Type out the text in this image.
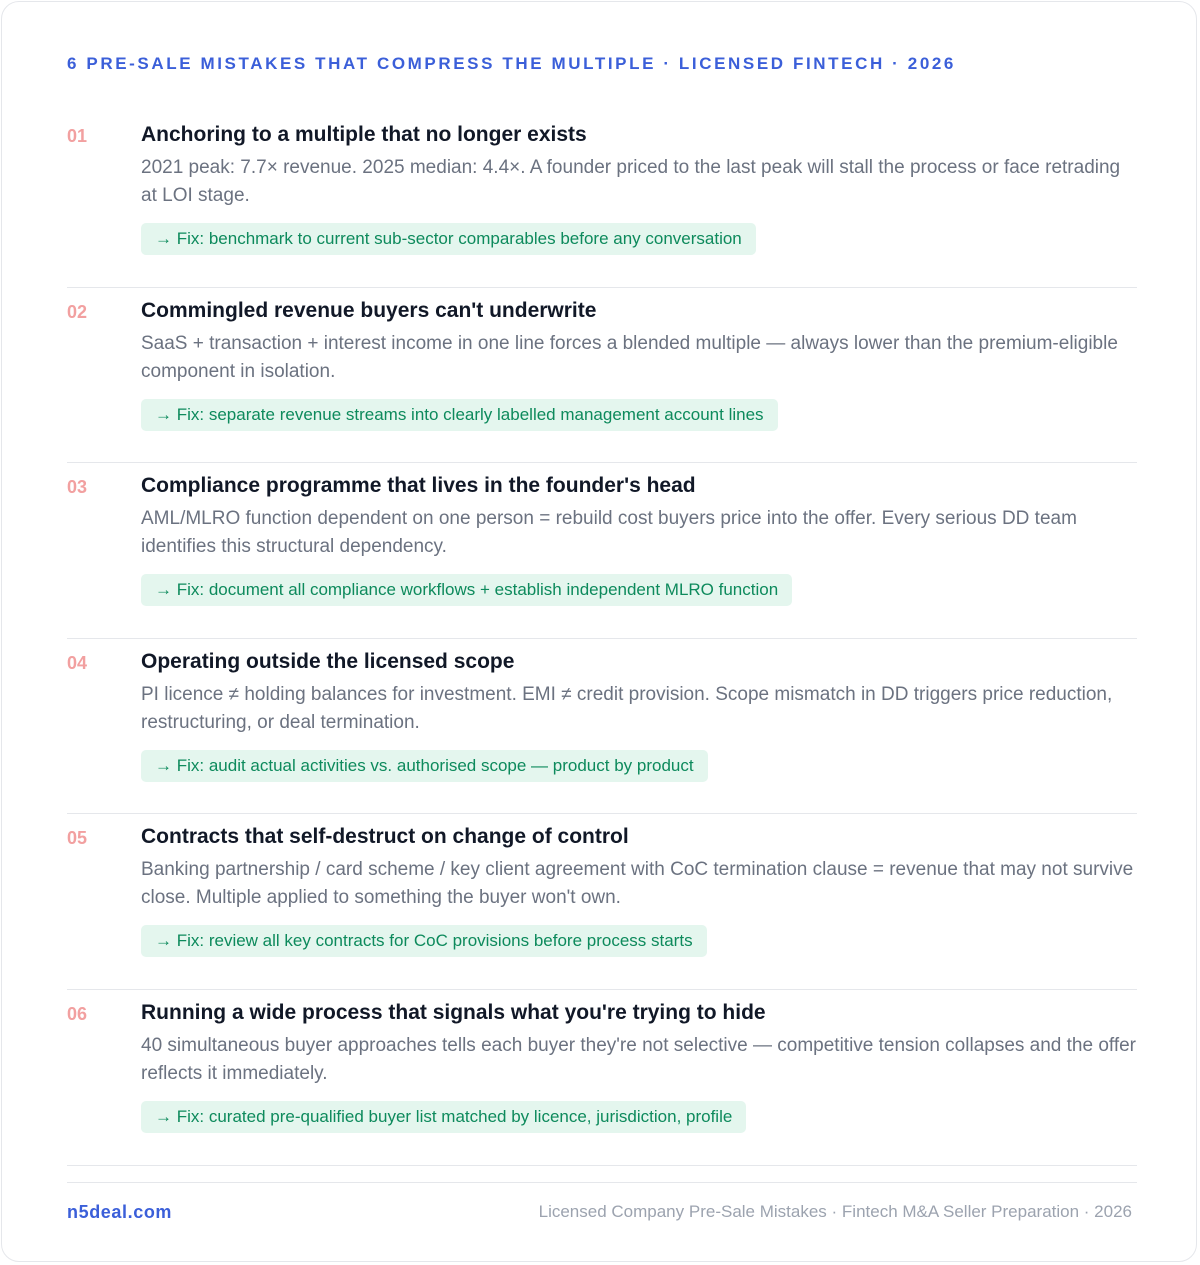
6 PRE-SALE MISTAKES THAT COMPRESS THE MULTIPLE · LICENSED FINTECH · 2026
01	Anchoring to a multiple that no longer exists
2021 peak: 7.7× revenue. 2025 median: 4.4×. A founder priced to the last peak will stall the process or face retrading at LOI stage.
→ Fix: benchmark to current sub-sector comparables before any conversation
02	Commingled revenue buyers can't underwrite
SaaS + transaction + interest income in one line forces a blended multiple — always lower than the premium-eligible component in isolation.
→ Fix: separate revenue streams into clearly labelled management account lines
03	Compliance programme that lives in the founder's head
AML/MLRO function dependent on one person = rebuild cost buyers price into the offer. Every serious DD team identifies this structural dependency.
→ Fix: document all compliance workflows + establish independent MLRO function
04	Operating outside the licensed scope
PI licence ≠ holding balances for investment. EMI ≠ credit provision. Scope mismatch in DD triggers price reduction, restructuring, or deal termination.
→ Fix: audit actual activities vs. authorised scope — product by product
05	Contracts that self-destruct on change of control
Banking partnership / card scheme / key client agreement with CoC termination clause = revenue that may not survive close. Multiple applied to something the buyer won't own.
→ Fix: review all key contracts for CoC provisions before process starts
06	Running a wide process that signals what you're trying to hide
40 simultaneous buyer approaches tells each buyer they're not selective — competitive tension collapses and the offer reflects it immediately.
→ Fix: curated pre-qualified buyer list matched by licence, jurisdiction, profile
n5deal.com	Licensed Company Pre-Sale Mistakes · Fintech M&A Seller Preparation · 2026
